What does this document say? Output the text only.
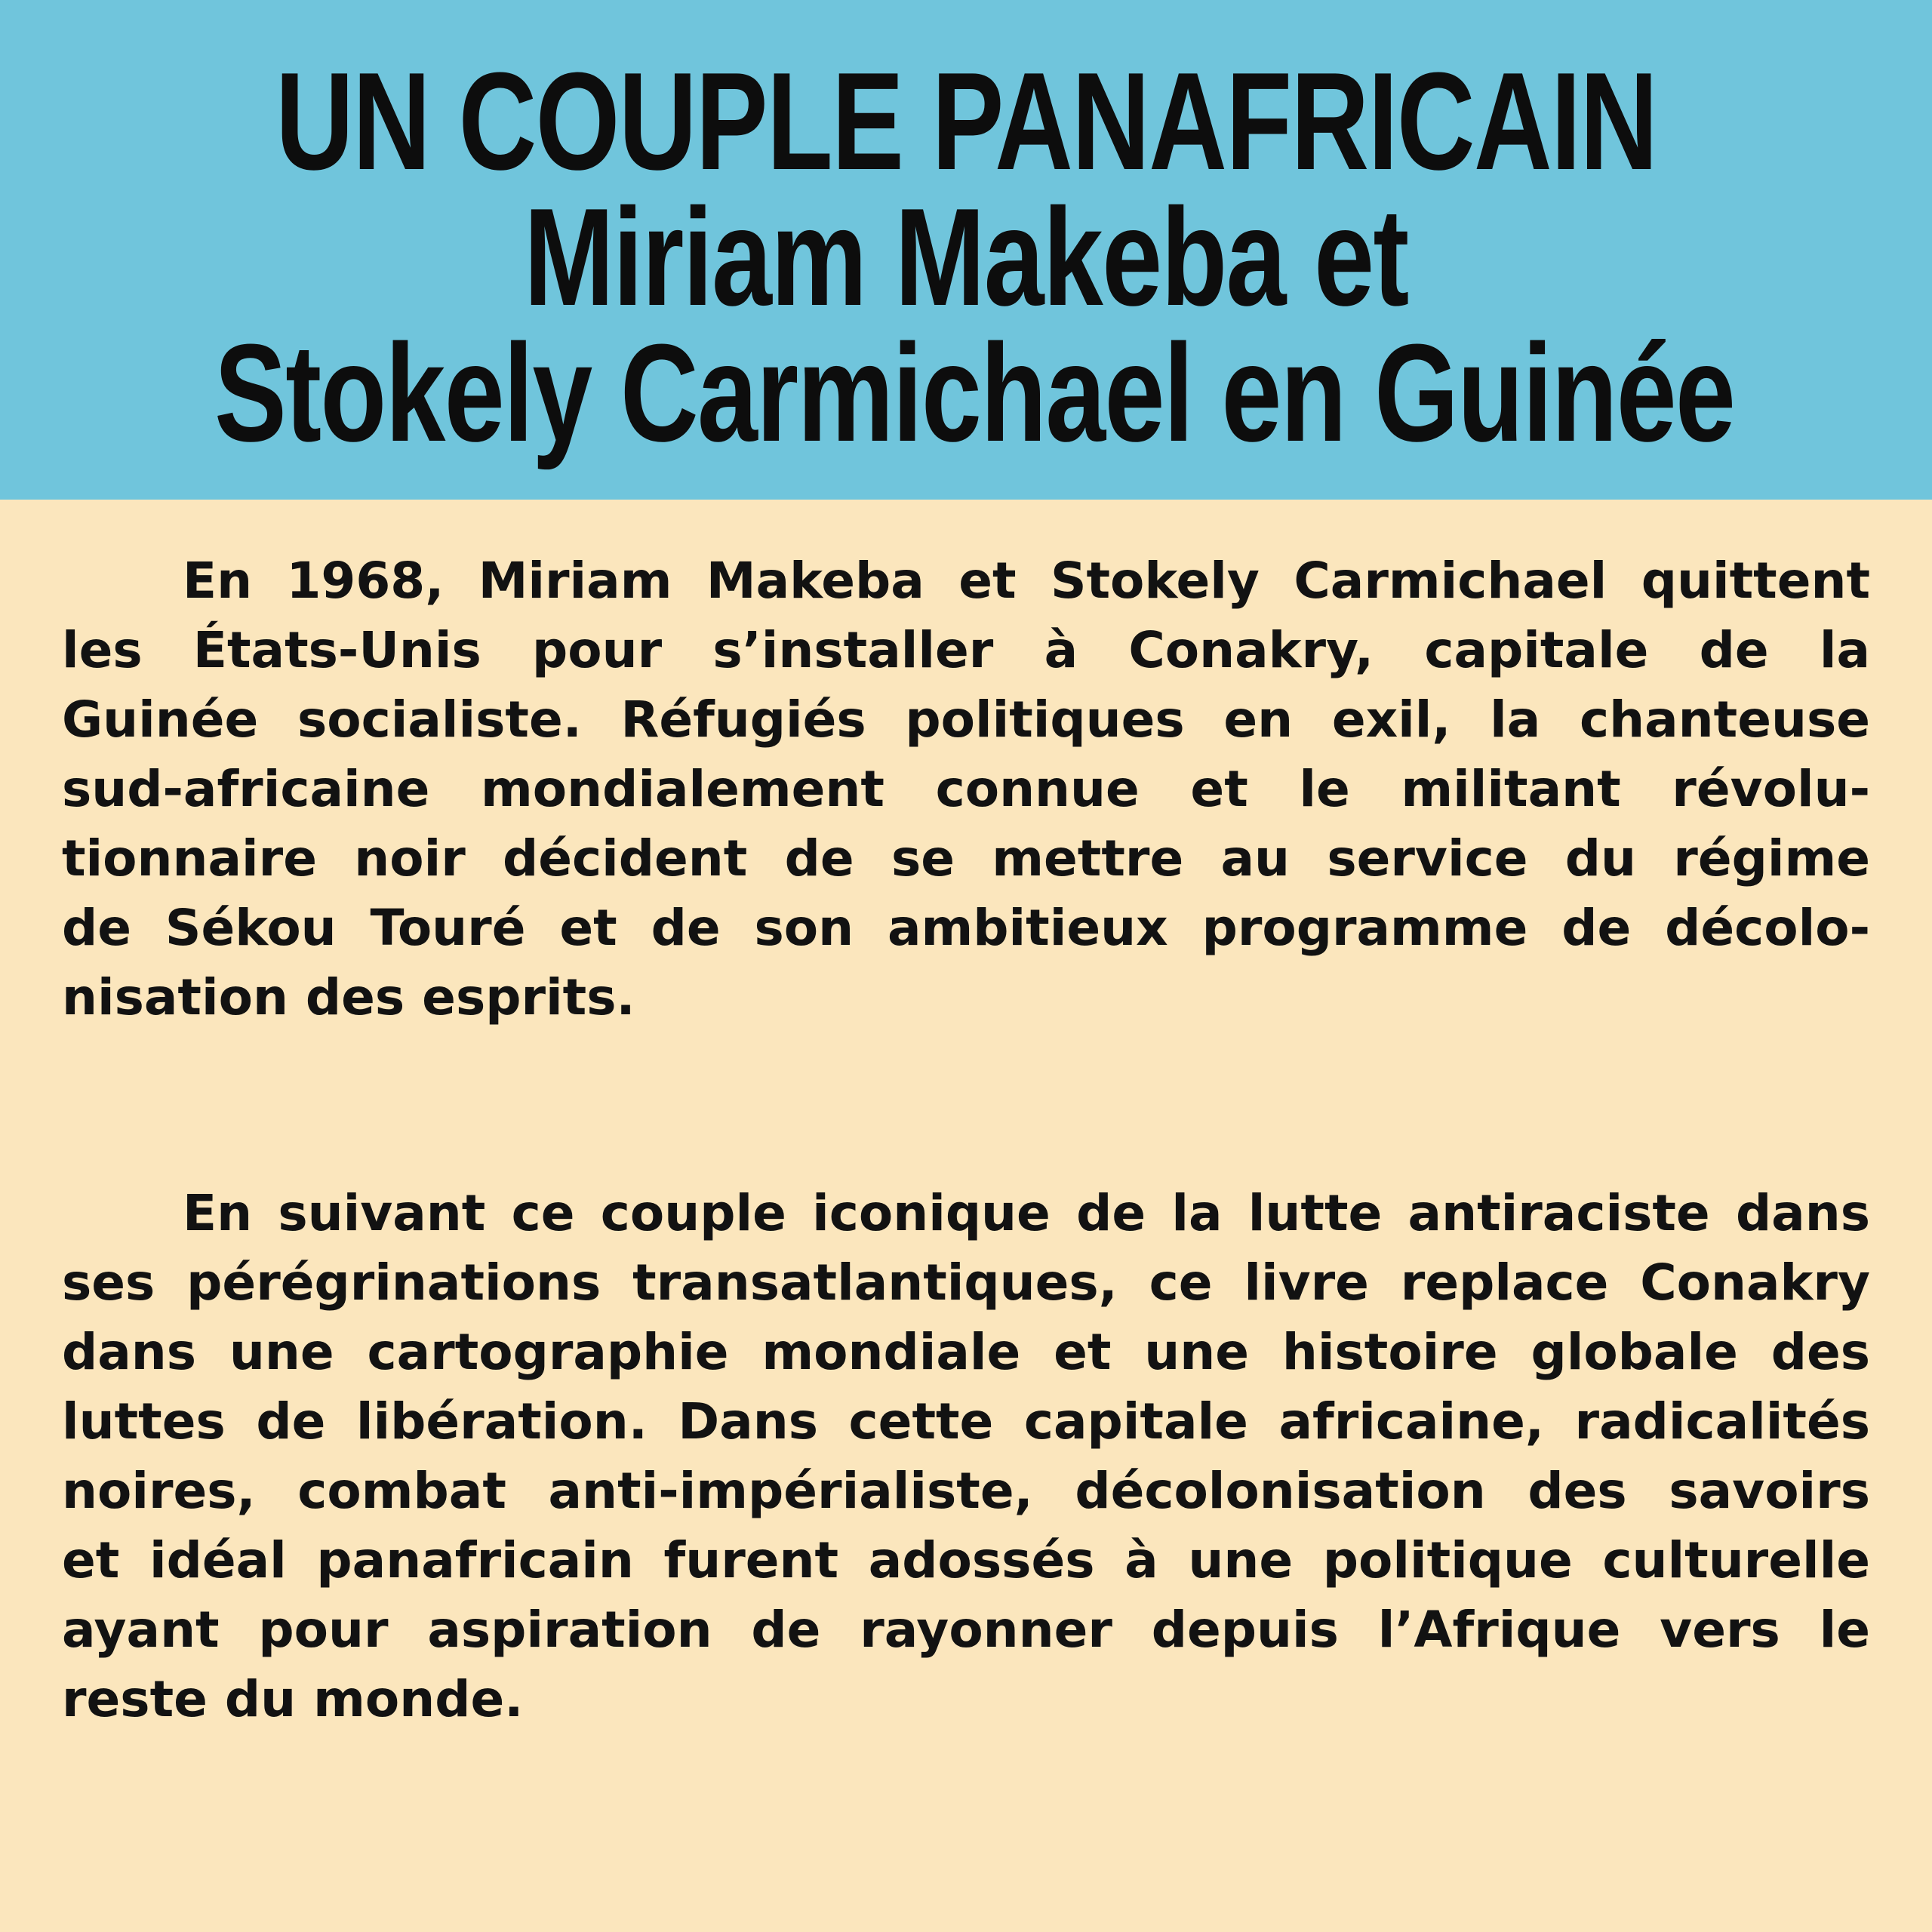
UN COUPLE PANAFRICAIN
Miriam Makeba et
Stokely Carmichael en Guinée
En 1968, Miriam Makeba et Stokely Carmichael quittent
les États-Unis pour s’installer à Conakry, capitale de la
Guinée socialiste. Réfugiés politiques en exil, la chanteuse
sud-africaine mondialement connue et le militant révolu-
tionnaire noir décident de se mettre au service du régime
de Sékou Touré et de son ambitieux programme de décolo-
nisation des esprits.
En suivant ce couple iconique de la lutte antiraciste dans
ses pérégrinations transatlantiques, ce livre replace Conakry
dans une cartographie mondiale et une histoire globale des
luttes de libération. Dans cette capitale africaine, radicalités
noires, combat anti-impérialiste, décolonisation des savoirs
et idéal panafricain furent adossés à une politique culturelle
ayant pour aspiration de rayonner depuis l’Afrique vers le
reste du monde.
